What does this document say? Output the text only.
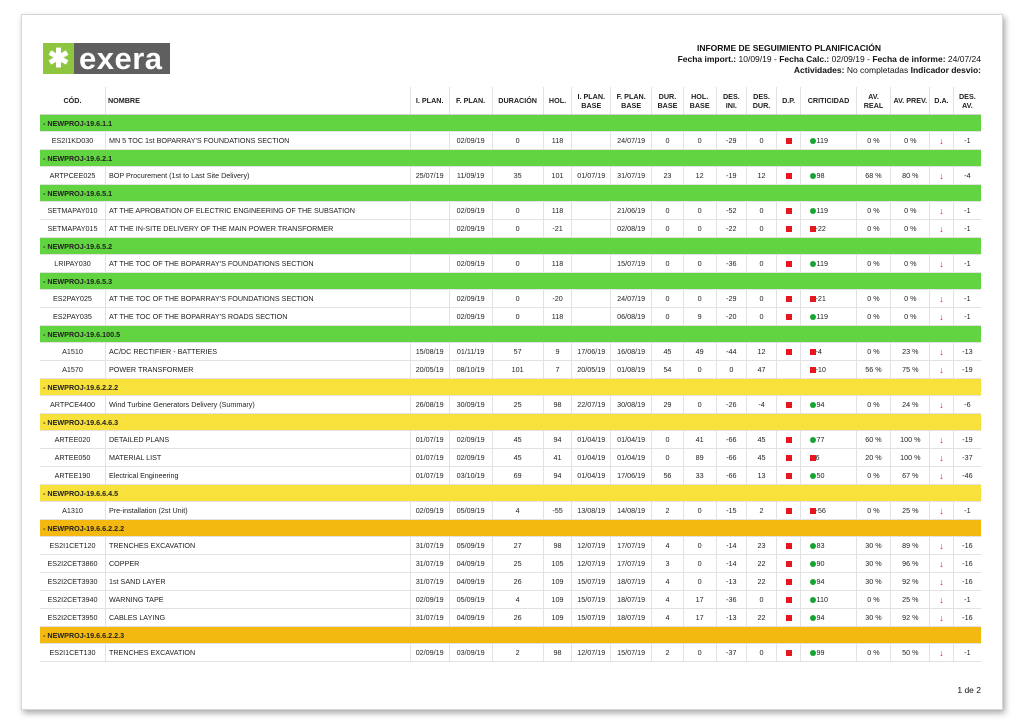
✱ exera	INFORME DE SEGUIMIENTO PLANIFICACIÓN
Fecha import.: 10/09/19 - Fecha Calc.: 02/09/19 - Fecha de informe: 24/07/24
Actividades: No completadas Indicador desvio:
CÓD.	NOMBRE	I. PLAN.	F. PLAN.	DURACIÓN	HOL.	I. PLAN. BASE	F. PLAN. BASE	DUR. BASE	HOL. BASE	DES. INI.	DES. DUR.	D.P.	CRITICIDAD	AV. REAL	AV. PREV.	D.A.	DES. AV.
- NEWPROJ-19.6.1.1																	
ES2I1KD030	MN 5 TOC 1st BOPARRAY'S FOUNDATIONS SECTION		02/09/19	0	118		24/07/19	0	0	-29	0		119	0 %	0 %	↓	-1
- NEWPROJ-19.6.2.1																	
ARTPCEE025	BOP Procurement (1st to Last Site Delivery)	25/07/19	11/09/19	35	101	01/07/19	31/07/19	23	12	-19	12		98	68 %	80 %	↓	-4
- NEWPROJ-19.6.5.1																	
SETMAPAY010	AT THE APROBATION OF ELECTRIC ENGINEERING OF THE SUBSATION		02/09/19	0	118		21/06/19	0	0	-52	0		119	0 %	0 %	↓	-1
SETMAPAY015	AT THE IN-SITE DELIVERY OF THE MAIN POWER TRANSFORMER		02/09/19	0	-21		02/08/19	0	0	-22	0		-22	0 %	0 %	↓	-1
- NEWPROJ-19.6.5.2																	
LRIPAY030	AT THE TOC OF THE BOPARRAY'S FOUNDATIONS SECTION		02/09/19	0	118		15/07/19	0	0	-36	0		119	0 %	0 %	↓	-1
- NEWPROJ-19.6.5.3																	
ES2PAY025	AT THE TOC OF THE BOPARRAY'S FOUNDATIONS SECTION		02/09/19	0	-20		24/07/19	0	0	-29	0		-21	0 %	0 %	↓	-1
ES2PAY035	AT THE TOC OF THE BOPARRAY'S ROADS SECTION		02/09/19	0	118		06/08/19	0	9	-20	0		119	0 %	0 %	↓	-1
- NEWPROJ-19.6.100.5																	
A1510	AC/DC RECTIFIER - BATTERIES	15/08/19	01/11/19	57	9	17/06/19	16/08/19	45	49	-44	12		-4	0 %	23 %	↓	-13
A1570	POWER TRANSFORMER	20/05/19	08/10/19	101	7	20/05/19	01/08/19	54	0	0	47		-10	56 %	75 %	↓	-19
- NEWPROJ-19.6.2.2.2																	
ARTPCE4400	Wind Turbine Generators Delivery (Summary)	26/08/19	30/09/19	25	98	22/07/19	30/08/19	29	0	-26	-4		94	0 %	24 %	↓	-6
- NEWPROJ-19.6.4.6.3																	
ARTEE020	DETAILED PLANS	01/07/19	02/09/19	45	94	01/04/19	01/04/19	0	41	-66	45		77	60 %	100 %	↓	-19
ARTEE050	MATERIAL LIST	01/07/19	02/09/19	45	41	01/04/19	01/04/19	0	89	-66	45		6	20 %	100 %	↓	-37
ARTEE190	Electrical Engineering	01/07/19	03/10/19	69	94	01/04/19	17/06/19	56	33	-66	13		50	0 %	67 %	↓	-46
- NEWPROJ-19.6.6.4.5																	
A1310	Pre-installation (2st Unit)	02/09/19	05/09/19	4	-55	13/08/19	14/08/19	2	0	-15	2		-56	0 %	25 %	↓	-1
- NEWPROJ-19.6.6.2.2.2																	
ES2I1CET120	TRENCHES EXCAVATION	31/07/19	05/09/19	27	98	12/07/19	17/07/19	4	0	-14	23		83	30 %	89 %	↓	-16
ES2I2CET3860	COPPER	31/07/19	04/09/19	25	105	12/07/19	17/07/19	3	0	-14	22		90	30 %	96 %	↓	-16
ES2I2CET3930	1st SAND LAYER	31/07/19	04/09/19	26	109	15/07/19	18/07/19	4	0	-13	22		94	30 %	92 %	↓	-16
ES2I2CET3940	WARNING TAPE	02/09/19	05/09/19	4	109	15/07/19	18/07/19	4	17	-36	0		110	0 %	25 %	↓	-1
ES2I2CET3950	CABLES LAYING	31/07/19	04/09/19	26	109	15/07/19	18/07/19	4	17	-13	22		94	30 %	92 %	↓	-16
- NEWPROJ-19.6.6.2.2.3																	
ES2I1CET130	TRENCHES EXCAVATION	02/09/19	03/09/19	2	98	12/07/19	15/07/19	2	0	-37	0		99	0 %	50 %	↓	-1
1 de 2
